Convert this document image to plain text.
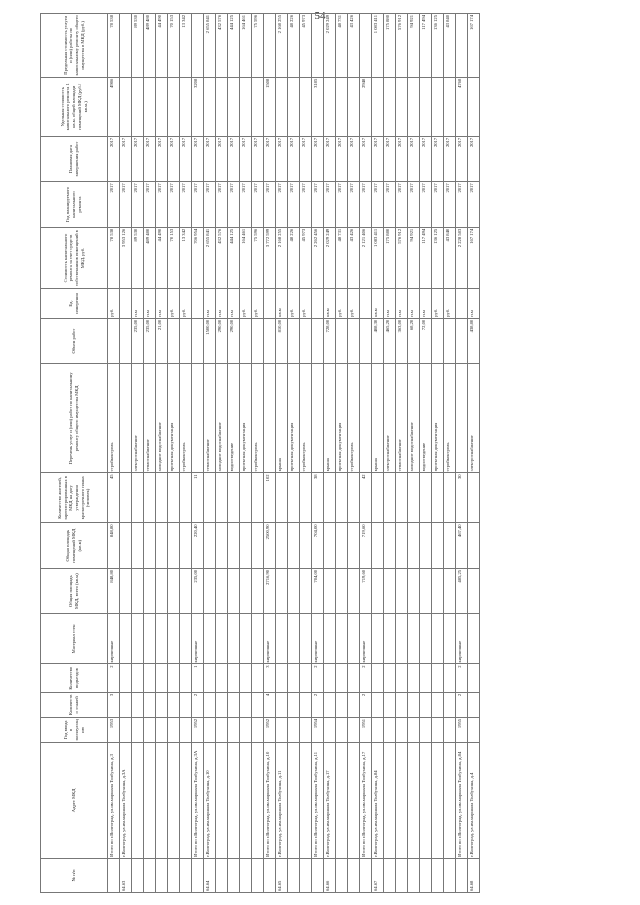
54
№ п/п	Адрес МКД	Год ввода в эксплуатацию	Количество этажей	Количество подъездов	Материал стен	Общая площадь МКД, всего (кв.м)	Общая площадь помещений МКД (кв.м)	Количество жителей, зарегистрированных в МКД на дату утверждения краткосрочного плана (человек)	Перечень услуг и (или) работ по капитальному ремонту общего имущества МКД	Объем работ	Ед. измерения	Стоимость капитального ремонта за счет средств собственников помещений в МКД, руб.	Год планируемого капитального ремонта	Плановая дата завершения работ	Удельная стоимость капитального ремонта 1 кв.м. общей площади помещений МКД (руб./кв.м.)	Предельная стоимость услуги и (или) работы по капитальному ремонту общего имущества в МКД (руб.)
	Итого по г.Волгоград, ул.им.маршала Толбухина, д.3	1953	3	2	кирпичные	848,80	848,80	45	стройконтроль		руб.	78 538	2017	2017	4986	78 538
64.63	г.Волгоград, ул.им.маршала Толбухина, д.3А											3 953 126	2017	2017		
									электроснабжение	235,00	п.м	89 530	2017	2017		89 530
									теплоснабжение	235,00	п.м	489 480	2017	2017		489 480
									холодное водоснабжение	21,00	п.м	44 490	2017	2017		44 490
									проектная документация		руб.	70 153	2017	2017		70 153
									стройконтроль		руб.	13 342	2017	2017		13 342
	Итого по г.Волгоград, ул.им.маршала Толбухина, д.3А	1952	2	1	кирпичные	235,00	220,40	11				706 954	2017	2017	3208	
64.64	г.Волгоград, ул.им.маршала Толбухина, д.10								теплоснабжение	1500,00	п.м	2 655 841	2017	2017		2 655 841
									холодное водоснабжение	290,00	п.м	432 576	2017	2017		432 576
									водоотведение	290,00	п.м	444 125	2017	2017		444 125
									проектная документация		руб.	164 461	2017	2017		164 461
									стройконтроль		руб.	75 596	2017	2017		75 596
	Итого по г.Волгоград, ул.им.маршала Толбухина, д.10	1952	4	3	кирпичные	2716,90	2500,90	102				3 772 599	2017	2017	1508	
64.65	г.Волгоград, ул.им.маршала Толбухина, д.11								крыша	810,00	кв.м	2 168 255	2017	2017		2 168 255
									проектная документация		руб.	48 226	2017	2017		48 226
									стройконтроль		руб.	45 973	2017	2017		45 973
	Итого по г.Волгоград, ул.им.маршала Толбухина, д.11	1954	2	2	кирпичные	704,00	704,00	38				2 262 456	2017	2017	3185	
64.66	г.Волгоград, ул.им.маршала Толбухина, д.17								крыша	728,00	кв.м	2 029 249	2017	2017		2 029 249
									проектная документация		руб.	48 731	2017	2017		48 731
									стройконтроль		руб.	43 426	2017	2017		43 426
	Итого по г.Волгоград, ул.им.маршала Толбухина, д.17	1951	2	2	кирпичные	719,60	719,60	42				2 121 406	2017	2017	2948	
64.67	г.Волгоград, ул.им.маршала Толбухина, д.84								крыша	408,30	кв.м	1 083 411	2017	2017		1 083 411
									электроснабжение	465,20	п.м	175 880	2017	2017		175 880
									теплоснабжение	363,00	п.м	576 912	2017	2017		576 912
									холодное водоснабжение	68,20	п.м	94 921	2017	2017		94 921
									водоотведение	72,00	п.м	117 494	2017	2017		117 494
									проектная документация		руб.	136 125	2017	2017		136 125
									стройконтроль		руб.	43 840	2017	2017		43 840
	Итого по г.Волгоград, ул.им.маршала Толбухина, д.84	1955	2	2	кирпичные	485,25	467,40	30				2 228 583	2017	2017	4768	
64.68	г.Волгоград, ул.им.маршала Толбухина, д.4								электроснабжение	438,80	п.м	167 174	2017	2017		167 174
